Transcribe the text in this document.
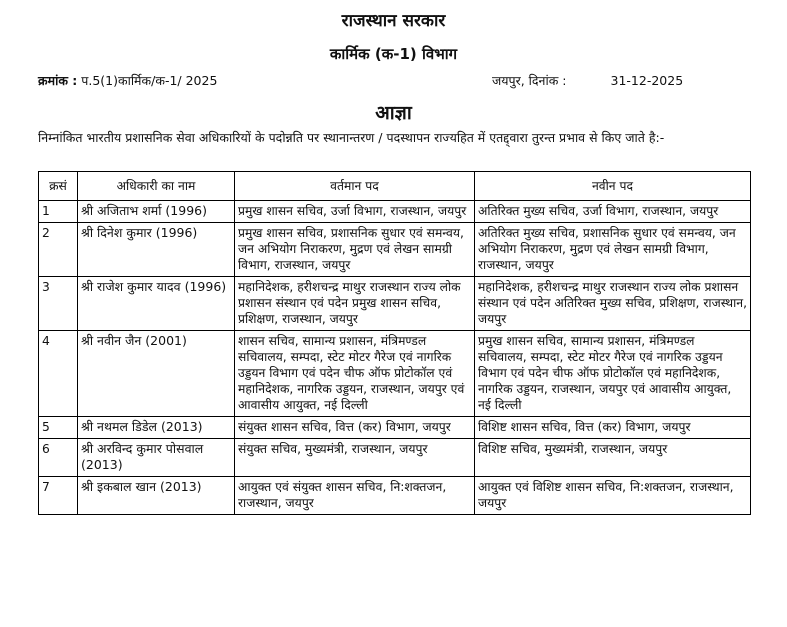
राजस्थान सरकार
कार्मिक (क-1) विभाग
क्रमांक : प.5(1)कार्मिक/क-1/ 2025	जयपुर, दिनांक :	31-12-2025
आज्ञा
निम्नांकित भारतीय प्रशासनिक सेवा अधिकारियों के पदोन्नति पर स्थानान्तरण / पदस्थापन राज्यहित में एतद्द्वारा तुरन्त प्रभाव से किए जाते है:-
क्रसं	अधिकारी का नाम	वर्तमान पद	नवीन पद
1	श्री अजिताभ शर्मा (1996)	प्रमुख शासन सचिव, उर्जा विभाग, राजस्थान, जयपुर	अतिरिक्त मुख्य सचिव, उर्जा विभाग, राजस्थान, जयपुर
2	श्री दिनेश कुमार (1996)	प्रमुख शासन सचिव, प्रशासनिक सुधार एवं समन्वय, जन अभियोग निराकरण, मुद्रण एवं लेखन सामग्री विभाग, राजस्थान, जयपुर	अतिरिक्त मुख्य सचिव, प्रशासनिक सुधार एवं समन्वय, जन अभियोग निराकरण, मुद्रण एवं लेखन सामग्री विभाग, राजस्थान, जयपुर
3	श्री राजेश कुमार यादव (1996)	महानिदेशक, हरीशचन्द्र माथुर राजस्थान राज्य लोक प्रशासन संस्थान एवं पदेन प्रमुख शासन सचिव, प्रशिक्षण, राजस्थान, जयपुर	महानिदेशक, हरीशचन्द्र माथुर राजस्थान राज्य लोक प्रशासन संस्थान एवं पदेन अतिरिक्त मुख्य सचिव, प्रशिक्षण, राजस्थान, जयपुर
4	श्री नवीन जैन (2001)	शासन सचिव, सामान्य प्रशासन, मंत्रिमण्डल सचिवालय, सम्पदा, स्टेट मोटर गैरेज एवं नागरिक उड्डयन विभाग एवं पदेन चीफ ऑफ प्रोटोकॉल एवं महानिदेशक, नागरिक उड्डयन, राजस्थान, जयपुर एवं आवासीय आयुक्त, नई दिल्ली	प्रमुख शासन सचिव, सामान्य प्रशासन, मंत्रिमण्डल सचिवालय, सम्पदा, स्टेट मोटर गैरेज एवं नागरिक उड्डयन विभाग एवं पदेन चीफ ऑफ प्रोटोकॉल एवं महानिदेशक, नागरिक उड्डयन, राजस्थान, जयपुर एवं आवासीय आयुक्त, नई दिल्ली
5	श्री नथमल डिडेल (2013)	संयुक्त शासन सचिव, वित्त (कर) विभाग, जयपुर	विशिष्ट शासन सचिव, वित्त (कर) विभाग, जयपुर
6	श्री अरविन्द कुमार पोसवाल (2013)	संयुक्त सचिव, मुख्यमंत्री, राजस्थान, जयपुर	विशिष्ट सचिव, मुख्यमंत्री, राजस्थान, जयपुर
7	श्री इकबाल खान (2013)	आयुक्त एवं संयुक्त शासन सचिव, नि:शक्तजन, राजस्थान, जयपुर	आयुक्त एवं विशिष्ट शासन सचिव, नि:शक्तजन, राजस्थान, जयपुर
